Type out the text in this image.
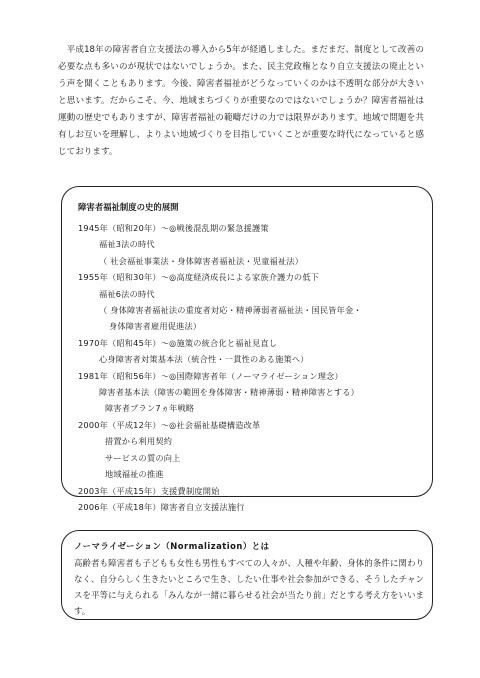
平成18年の障害者自立支援法の導入から5年が経過しました。まだまだ、制度として改善の必要な点も多いのが現状ではないでしょうか。また、民主党政権となり自立支援法の廃止という声を聞くこともあります。今後、障害者福祉がどうなっていくのかは不透明な部分が大きいと思います。だからこそ、今、地域まちづくりが重要なのではないでしょうか？障害者福祉は運動の歴史でもありますが、障害者福祉の範疇だけの力では限界があります。地域で問題を共有しお互いを理解し、よりよい地域づくりを目指していくことが重要な時代になっていると感じております。

障害者福祉制度の史的展開
1945年（昭和20年）～◎戦後混乱期の緊急援護策
福祉3法の時代
（ 社会福祉事業法・身体障害者福祉法・児童福祉法）
1955年（昭和30年）～◎高度経済成長による家族介護力の低下
福祉6法の時代
（ 身体障害者福祉法の重度者対応・精神薄弱者福祉法・国民皆年金・
身体障害者雇用促進法）
1970年（昭和45年）～◎施策の統合化と福祉見直し
心身障害者対策基本法（統合性・一貫性のある施策へ）
1981年（昭和56年）～◎国際障害者年（ノーマライゼーション理念）
障害者基本法（障害の範囲を身体障害・精神薄弱・精神障害とする）
障害者プラン7ヵ年戦略
2000年（平成12年）～◎社会福祉基礎構造改革
措置から利用契約
サービスの質の向上
地域福祉の推進
2003年（平成15年）支援費制度開始
2006年（平成18年）障害者自立支援法施行
ノーマライゼーション（Normalization）とは

高齢者も障害者も子どもも女性も男性もすべての人々が、人種や年齢、身体的条件に関わりなく、自分らしく生きたいところで生き、したい仕事や社会参加ができる、そうしたチャンスを平等に与えられる「みんなが一緒に暮らせる社会が当たり前」だとする考え方をいいます。
